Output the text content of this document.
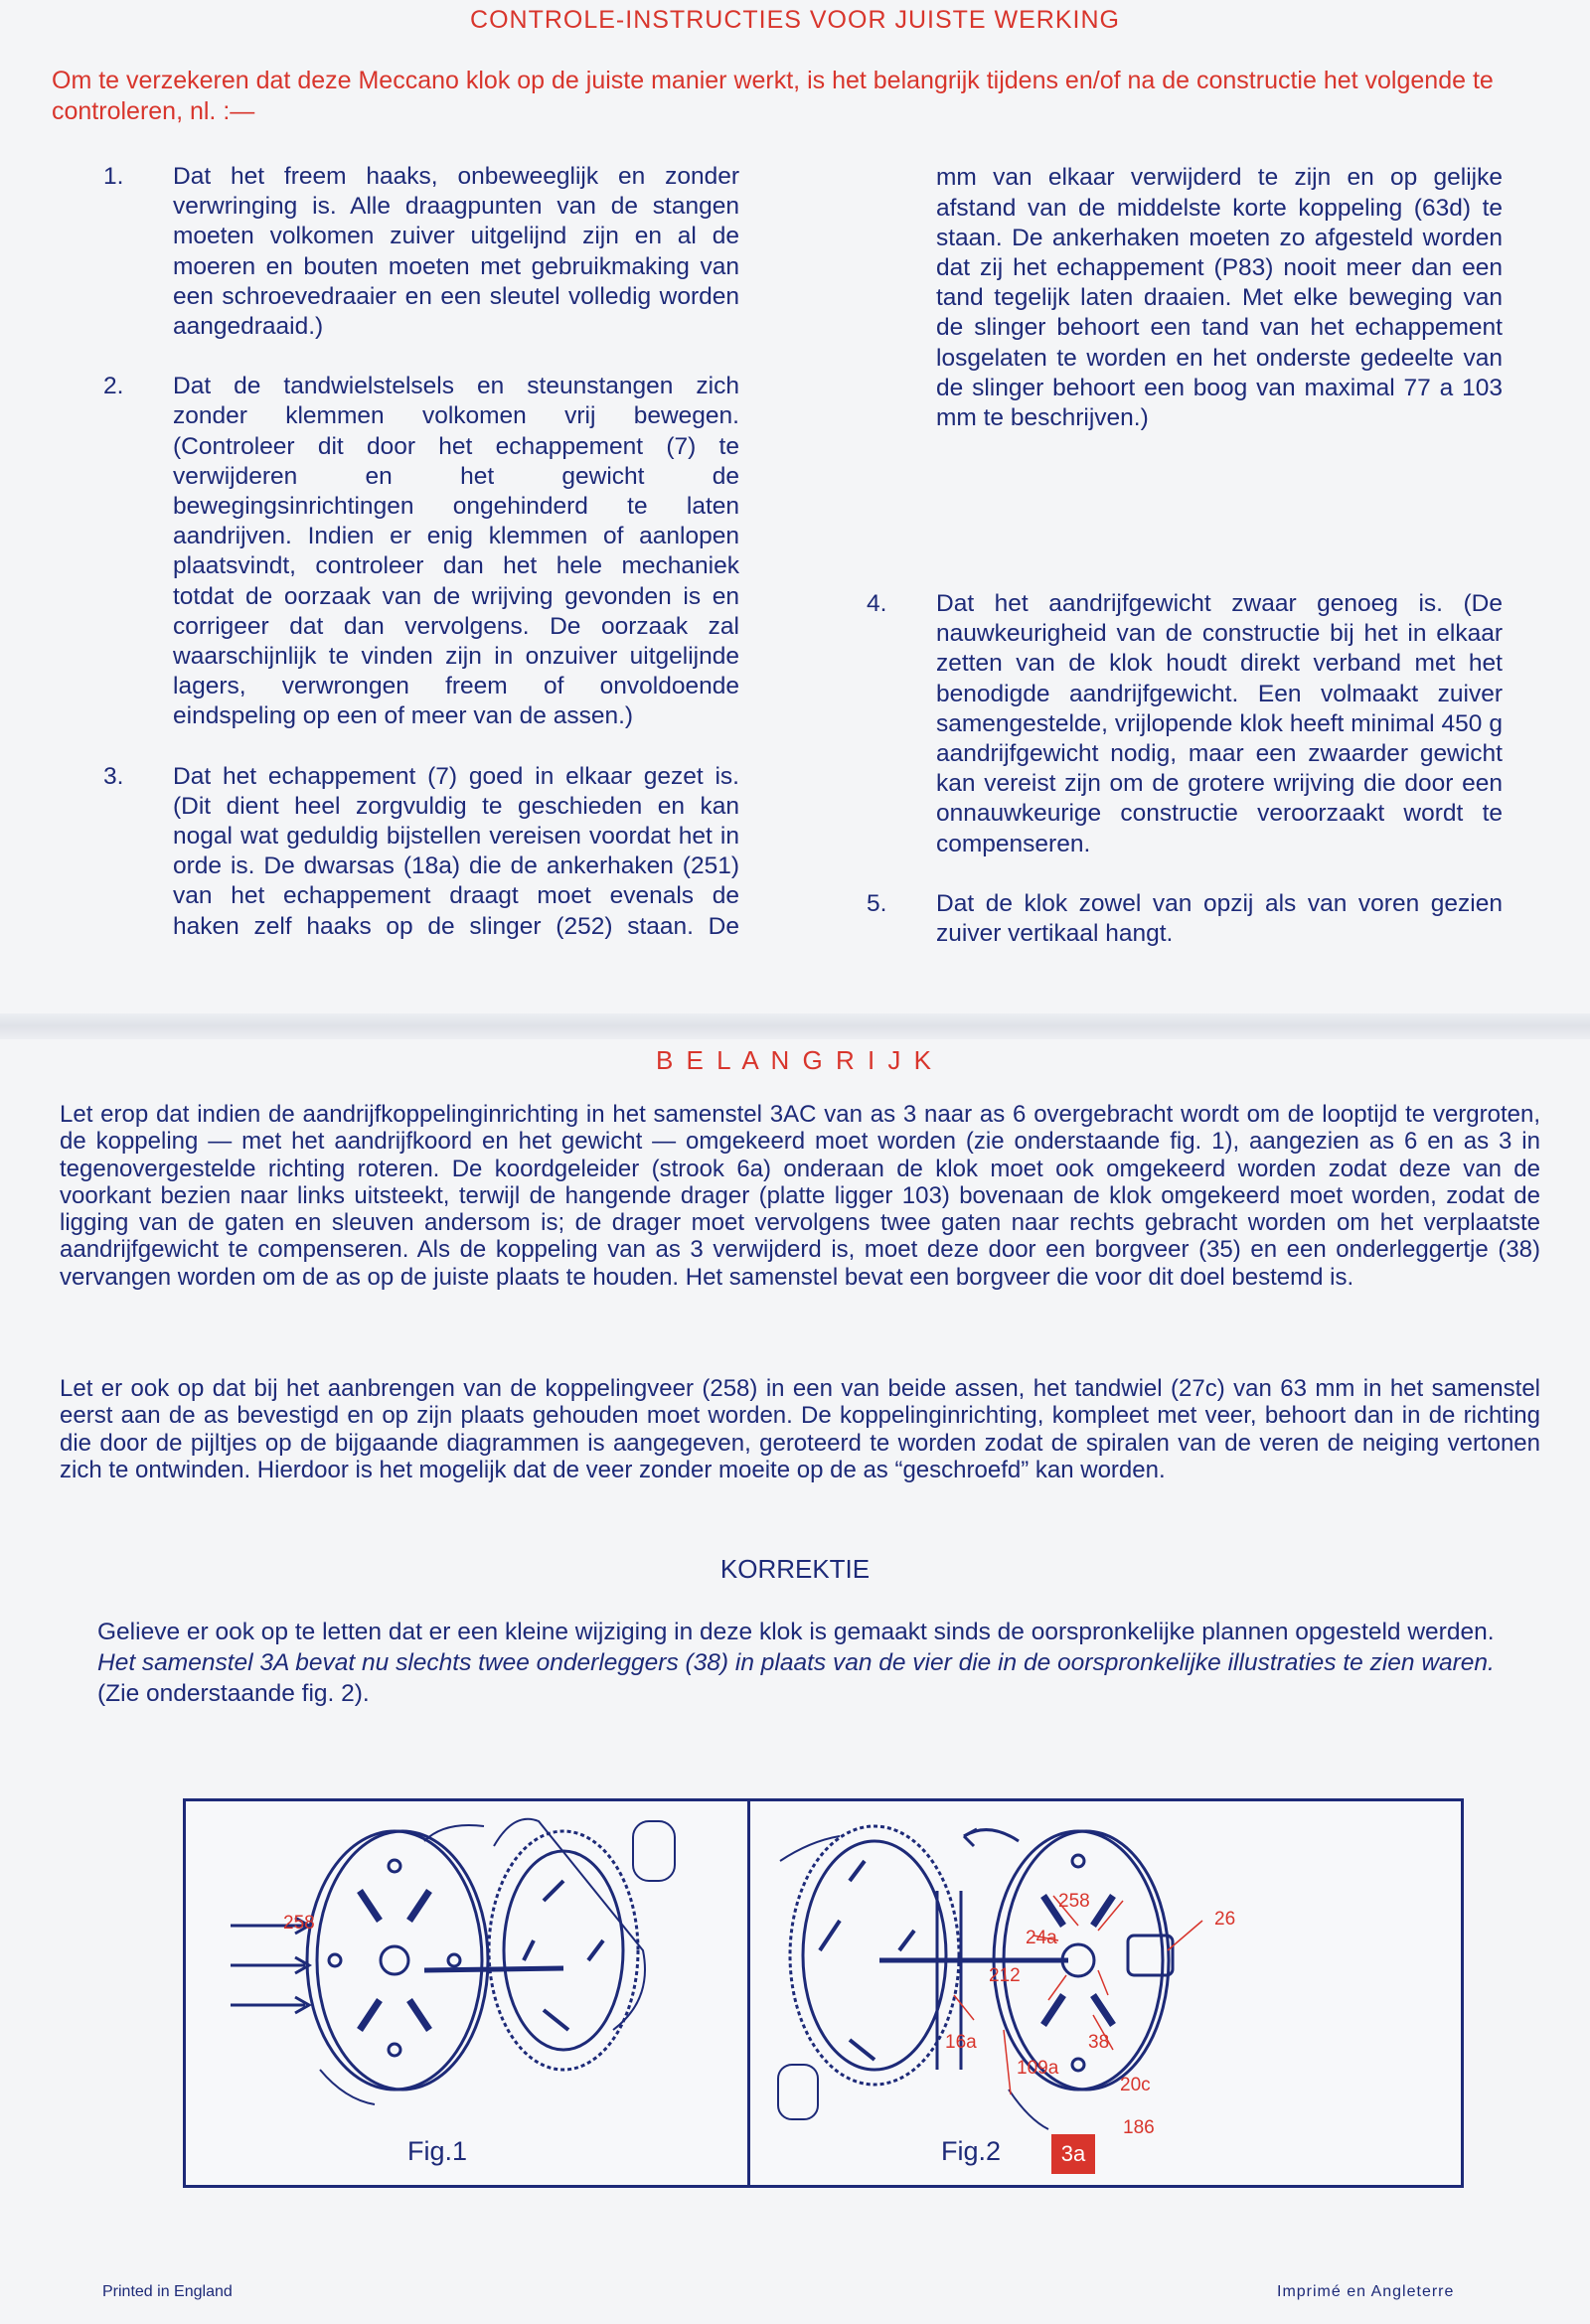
CONTROLE-INSTRUCTIES VOOR JUISTE WERKING
Om te verzekeren dat deze Meccano klok op de juiste manier werkt, is het belangrijk tijdens en/of na de constructie het volgende te controleren, nl. :—
1.	Dat het freem haaks, onbeweeglijk en zonder verwringing is. Alle draagpunten van de stangen moeten volkomen zuiver uitgelijnd zijn en al de moeren en bouten moeten met gebruikmaking van een schroevedraaier en een sleutel volledig worden aangedraaid.)

2.	Dat de tandwielstelsels en steunstangen zich zonder klemmen volkomen vrij bewegen. (Controleer dit door het echappement (7) te verwijderen en het gewicht de bewegingsinrichtingen ongehinderd te laten aandrijven. Indien er enig klemmen of aanlopen plaatsvindt, controleer dan het hele mechaniek totdat de oorzaak van de wrijving gevonden is en corrigeer dat dan vervolgens. De oorzaak zal waarschijnlijk te vinden zijn in onzuiver uitgelijnde lagers, verwrongen freem of onvoldoende eindspeling op een of meer van de assen.)

3.	Dat het echappement (7) goed in elkaar gezet is. (Dit dient heel zorgvuldig te geschieden en kan nogal wat geduldig bijstellen vereisen voordat het in orde is. De dwarsas (18a) die de ankerhaken (251) van het echappement draagt moet evenals de haken zelf haaks op de slinger (252) staan. De

mm van elkaar verwijderd te zijn en op gelijke afstand van de middelste korte koppeling (63d) te staan. De ankerhaken moeten zo afgesteld worden dat zij het echappement (P83) nooit meer dan een tand tegelijk laten draaien. Met elke beweging van de slinger behoort een tand van het echappement losgelaten te worden en het onderste gedeelte van de slinger behoort een boog van maximal 77 a 103 mm te beschrijven.)

4.	Dat het aandrijfgewicht zwaar genoeg is. (De nauwkeurigheid van de constructie bij het in elkaar zetten van de klok houdt direkt verband met het benodigde aandrijfgewicht. Een volmaakt zuiver samengestelde, vrijlopende klok heeft minimal 450 g aandrijfgewicht nodig, maar een zwaarder gewicht kan vereist zijn om de grotere wrijving die door een onnauwkeurige constructie veroorzaakt wordt te compenseren.

5.	Dat de klok zowel van opzij als van voren gezien zuiver vertikaal hangt.

B E L A N G R I J K

Let erop dat indien de aandrijfkoppelinginrichting in het samenstel 3AC van as 3 naar as 6 overgebracht wordt om de looptijd te vergroten, de koppeling — met het aandrijfkoord en het gewicht — omgekeerd moet worden (zie onderstaande fig. 1), aangezien as 6 en as 3 in tegenovergestelde richting roteren. De koordgeleider (strook 6a) onderaan de klok moet ook omgekeerd worden zodat deze van de voorkant bezien naar links uitsteekt, terwijl de hangende drager (platte ligger 103) bovenaan de klok omgekeerd moet worden, zodat de ligging van de gaten en sleuven andersom is; de drager moet vervolgens twee gaten naar rechts gebracht worden om het verplaatste aandrijfgewicht te compenseren. Als de koppeling van as 3 verwijderd is, moet deze door een borgveer (35) en een onderleggertje (38) vervangen worden om de as op de juiste plaats te houden. Het samenstel bevat een borgveer die voor dit doel bestemd is.

Let er ook op dat bij het aanbrengen van de koppelingveer (258) in een van beide assen, het tandwiel (27c) van 63 mm in het samenstel eerst aan de as bevestigd en op zijn plaats gehouden moet worden. De koppelinginrichting, kompleet met veer, behoort dan in de richting die door de pijltjes op de bijgaande diagrammen is aangegeven, geroteerd te worden zodat de spiralen van de veren de neiging vertonen zich te ontwinden. Hierdoor is het mogelijk dat de veer zonder moeite op de as “geschroefd” kan worden.

KORREKTIE
Gelieve er ook op te letten dat er een kleine wijziging in deze klok is gemaakt sinds de oorspronkelijke plannen opgesteld werden. Het samenstel 3A bevat nu slechts twee onderleggers (38) in plaats van de vier die in de oorspronkelijke illustraties te zien waren. (Zie onderstaande fig. 2).
258
Fig.1
258
24a
26
212
16a	38
109a
20c
186
Fig.2	3a
Printed in England	Imprimé en Angleterre
